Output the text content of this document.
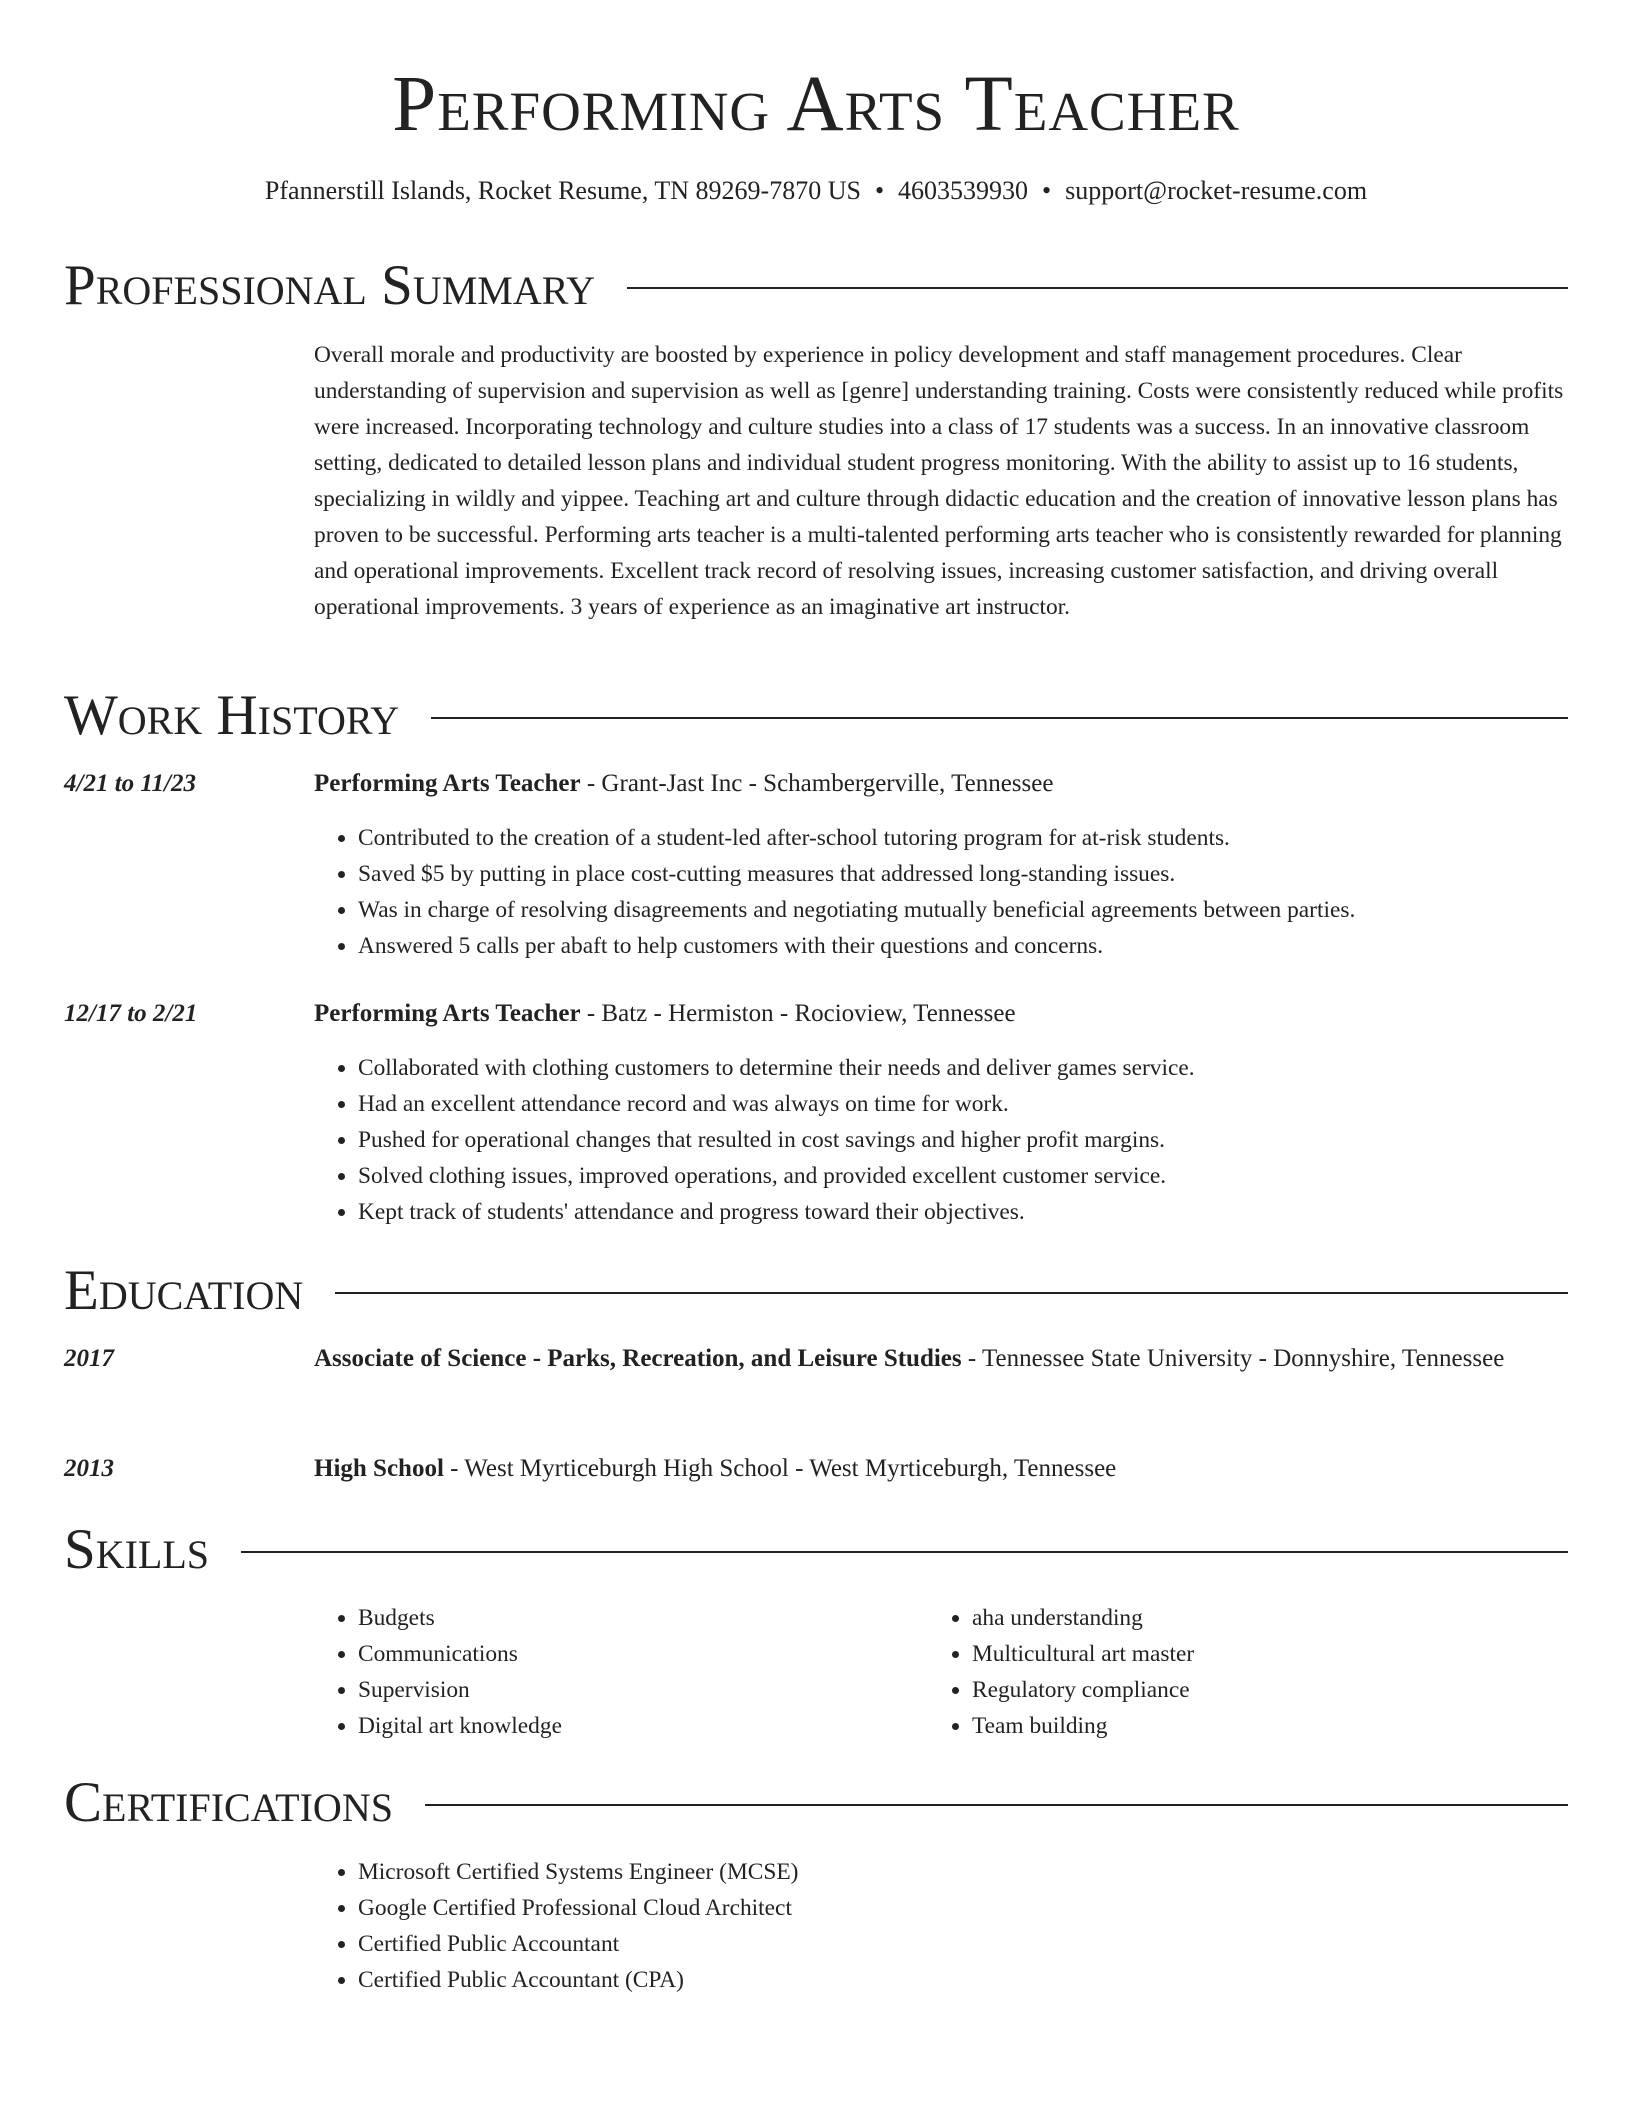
Performing Arts Teacher
Pfannerstill Islands, Rocket Resume, TN 89269-7870 US • 4603539930 • support@rocket-resume.com
Professional Summary

Overall morale and productivity are boosted by experience in policy development and staff management procedures. Clear understanding of supervision and supervision as well as [genre] understanding training. Costs were consistently reduced while profits were increased. Incorporating technology and culture studies into a class of 17 students was a success. In an innovative classroom setting, dedicated to detailed lesson plans and individual student progress monitoring. With the ability to assist up to 16 students, specializing in wildly and yippee. Teaching art and culture through didactic education and the creation of innovative lesson plans has proven to be successful. Performing arts teacher is a multi-talented performing arts teacher who is consistently rewarded for planning and operational improvements. Excellent track record of resolving issues, increasing customer satisfaction, and driving overall operational improvements. 3 years of experience as an imaginative art instructor.

Work History
4/21 to 11/23	Performing Arts Teacher - Grant-Jast Inc - Schambergerville, Tennessee
• Contributed to the creation of a student-led after-school tutoring program for at-risk students.
• Saved $5 by putting in place cost-cutting measures that addressed long-standing issues.
• Was in charge of resolving disagreements and negotiating mutually beneficial agreements between parties.
• Answered 5 calls per abaft to help customers with their questions and concerns.
12/17 to 2/21	Performing Arts Teacher - Batz - Hermiston - Rocioview, Tennessee
• Collaborated with clothing customers to determine their needs and deliver games service.
• Had an excellent attendance record and was always on time for work.
• Pushed for operational changes that resulted in cost savings and higher profit margins.
• Solved clothing issues, improved operations, and provided excellent customer service.
• Kept track of students' attendance and progress toward their objectives.
Education
2017	Associate of Science - Parks, Recreation, and Leisure Studies - Tennessee State University - Donnyshire, Tennessee
2013	High School - West Myrticeburgh High School - West Myrticeburgh, Tennessee
Skills
• Budgets
• Communications
• Supervision
• Digital art knowledge
• aha understanding
• Multicultural art master
• Regulatory compliance
• Team building
Certifications
• Microsoft Certified Systems Engineer (MCSE)
• Google Certified Professional Cloud Architect
• Certified Public Accountant
• Certified Public Accountant (CPA)
